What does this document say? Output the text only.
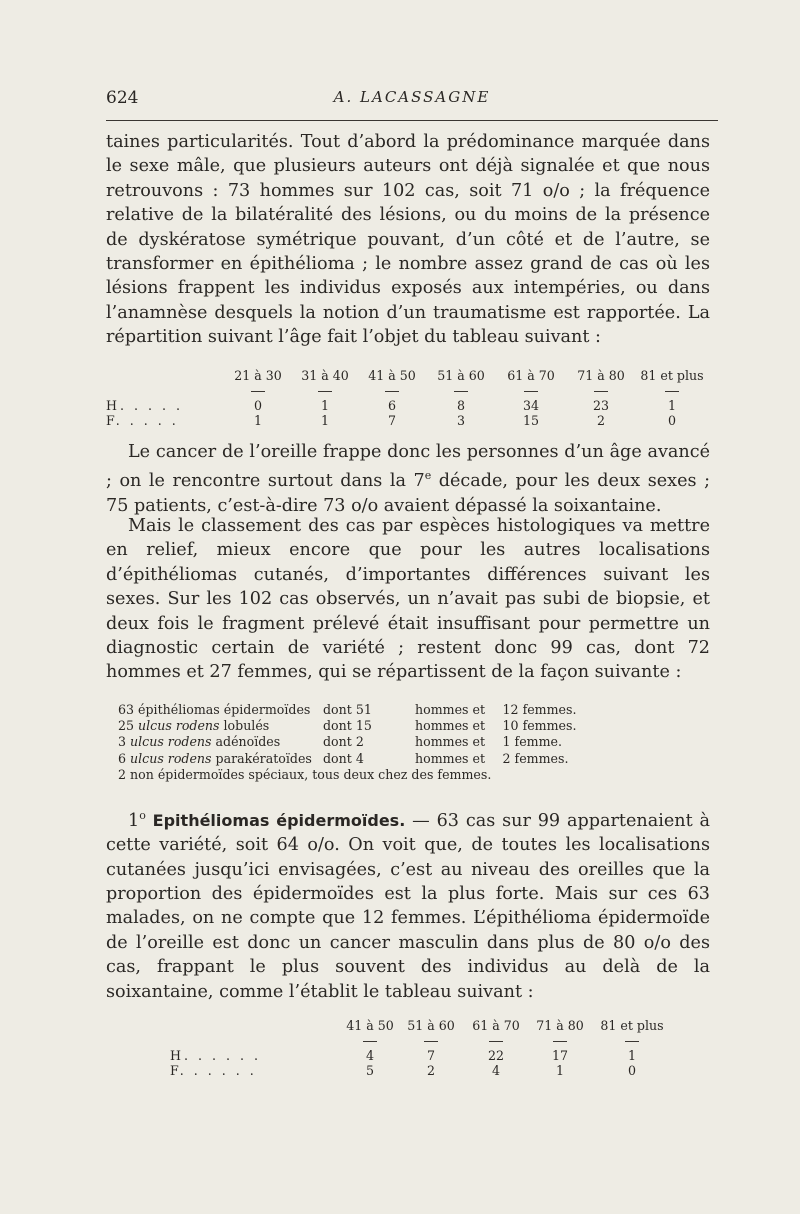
624	A. LACASSAGNE

taines particularités. Tout d’abord la prédominance marquée dans le sexe mâle, que plusieurs auteurs ont déjà signalée et que nous retrouvons : 73 hommes sur 102 cas, soit 71 o/o ; la fréquence relative de la bilatéralité des lésions, ou du moins de la présence de dyskératose symétrique pouvant, d’un côté et de l’autre, se transformer en épithélioma ; le nombre assez grand de cas où les lésions frappent les individus exposés aux intempéries, ou dans l’anamnèse desquels la notion d’un traumatisme est rapportée. La répartition suivant l’âge fait l’objet du tableau suivant :

	21 à 30	31 à 40	41 à 50	51 à 60	61 à 70	71 à 80	81 et plus

H. . . . .	0	1	6	8	34	23	1
F. . . . .	1	1	7	3	15	2	0

Le cancer de l’oreille frappe donc les personnes d’un âge avancé ; on le rencontre surtout dans la 7e décade, pour les deux sexes ; 75 patients, c’est-à-dire 73 o/o avaient dépassé la soixantaine.

Mais le classement des cas par espèces histologiques va mettre en relief, mieux encore que pour les autres localisations d’épithéliomas cutanés, d’importantes différences suivant les sexes. Sur les 102 cas observés, un n’avait pas subi de biopsie, et deux fois le fragment prélevé était insuffisant pour permettre un diagnostic certain de variété ; restent donc 99 cas, dont 72 hommes et 27 femmes, qui se répartissent de la façon suivante :

63 épithéliomas épidermoïdes dont 51	hommes et 12 femmes.
25 ulcus rodens lobulés	dont 15	hommes et 10 femmes.
3 ulcus rodens adénoïdes	dont 2	hommes et 1 femme.
6 ulcus rodens parakératoïdes dont 4	hommes et 2 femmes.
2 non épidermoïdes spéciaux, tous deux chez des femmes.

1$^o$ Epithéliomas épidermoïdes. — 63 cas sur 99 appartenaient à cette variété, soit 64 o/o. On voit que, de toutes les localisations cutanées jusqu’ici envisagées, c’est au niveau des oreilles que la proportion des épidermoïdes est la plus forte. Mais sur ces 63 malades, on ne compte que 12 femmes. L’épithélioma épidermoïde de l’oreille est donc un cancer masculin dans plus de 80 o/o des cas, frappant le plus souvent des individus au delà de la soixantaine, comme l’établit le tableau suivant :

	41 à 50	51 à 60	61 à 70	71 à 80	81 et plus

H. . . . . .	4	7	22	17	1
F. . . . . .	5	2	4	1	0
